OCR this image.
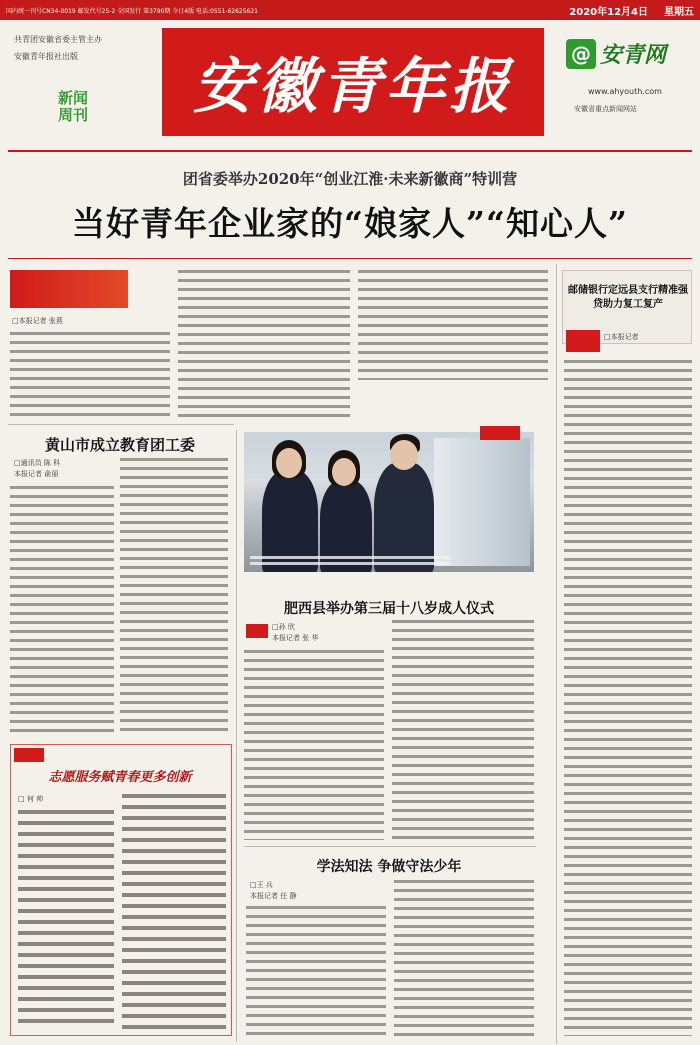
国内统一刊号CN34-0019 邮发代号25-2 全国发行 第3790期 今日4版 电话:0551-62625621	2020年12月4日 星期五
共青团安徽省委主管主办
安徽青年报社出版
新闻周刊 安徽青年报	@ 安青网
www.ahyouth.com
安徽省重点新闻网站
团省委举办2020年“创业江淮·未来新徽商”特训营
当好青年企业家的“娘家人”“知心人”
□本报记者 张燕
邮储银行定远县支行精准强贷助力复工复产
□本报记者
黄山市成立教育团工委
□通讯员 陈 科
本报记者 俞丽
肥西县举办第三届十八岁成人仪式
□孙 欣
本报记者 张 华
志愿服务赋青春更多创新
□ 何 帅
学法知法 争做守法少年
□王 兵
本报记者 任 静
